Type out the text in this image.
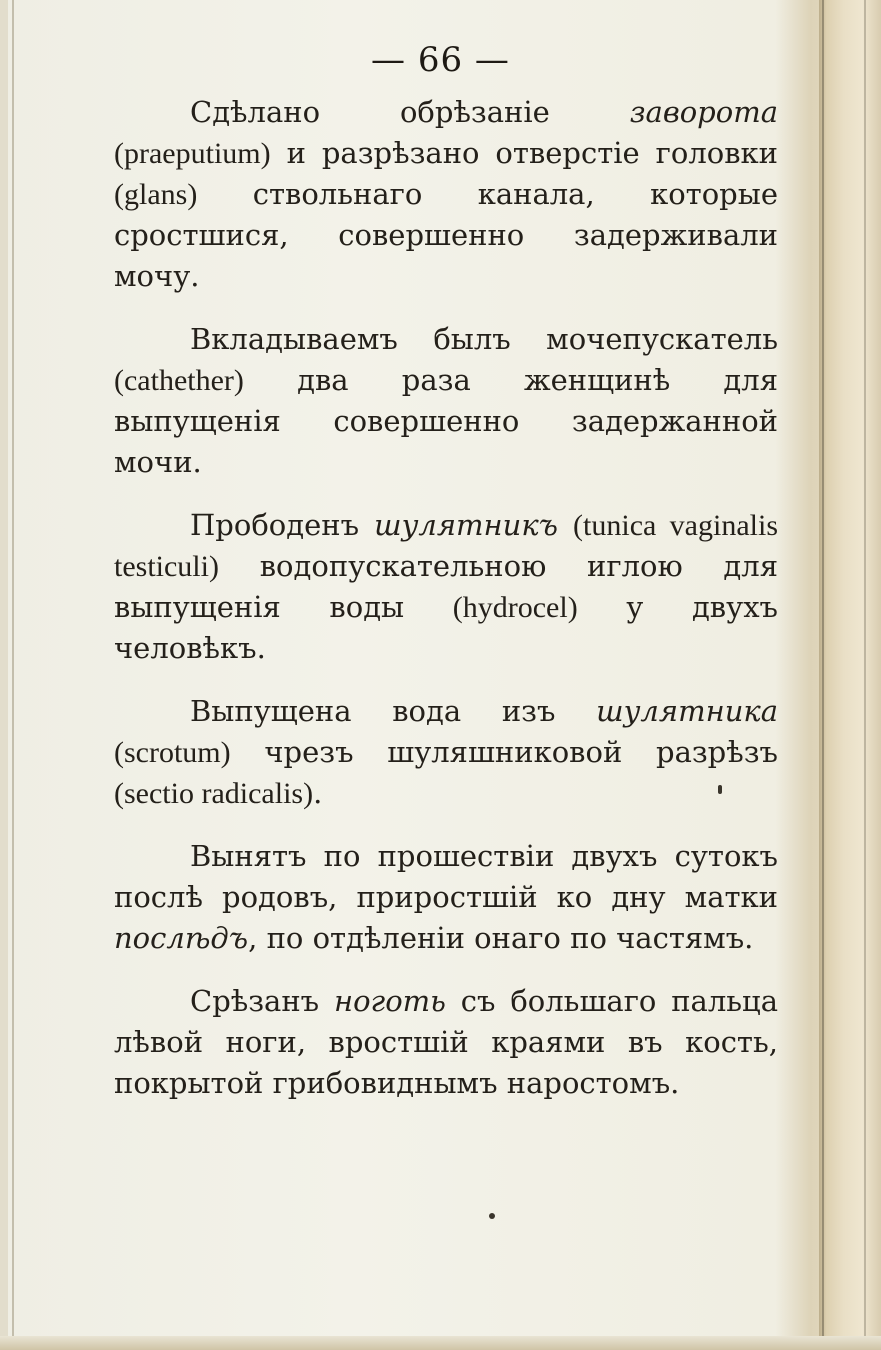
— 66 —

Сдѣлано обрѣзаніе заворота (praeputium) и разрѣзано отверстіе головки (glans) ствольнаго канала, которые сростшися, совершенно задерживали мочу.

Вкладываемъ былъ мочепускатель (cathether) два раза женщинѣ для выпущенія совершенно задержанной мочи.

Прободенъ шулятникъ (tunica vaginalis testiculi) водопускательною иглою для выпущенія воды (hydrocel) у двухъ человѣкъ.

Выпущена вода изъ шулятника (scrotum) чрезъ шуляшниковой разрѣзъ (sectio radicalis).

Вынятъ по прошествіи двухъ сутокъ послѣ родовъ, приростшій ко дну матки послѣдъ, по отдѣленіи онаго по частямъ.

Срѣзанъ ноготь съ большаго пальца лѣвой ноги, вростшій краями въ кость, покрытой грибовиднымъ наростомъ.
